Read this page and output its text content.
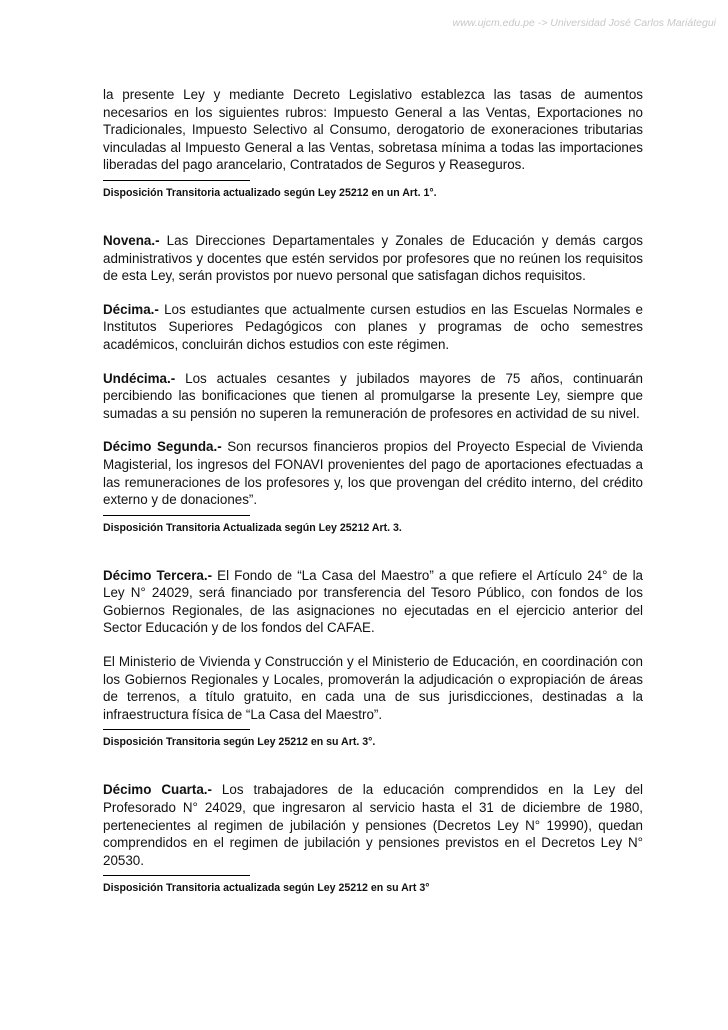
www.ujcm.edu.pe -> Universidad José Carlos Mariátegui

la presente Ley y mediante Decreto Legislativo establezca las tasas de aumentos necesarios en los siguientes rubros: Impuesto General a las Ventas, Exportaciones no Tradicionales, Impuesto Selectivo al Consumo, derogatorio de exoneraciones tributarias vinculadas al Impuesto General a las Ventas, sobretasa mínima a todas las importaciones liberadas del pago arancelario, Contratados de Seguros y Reaseguros.

Disposición Transitoria actualizado según Ley 25212 en un Art. 1°.

Novena.- Las Direcciones Departamentales y Zonales de Educación y demás cargos administrativos y docentes que estén servidos por profesores que no reúnen los requisitos de esta Ley, serán provistos por nuevo personal que satisfagan dichos requisitos.

Décima.- Los estudiantes que actualmente cursen estudios en las Escuelas Normales e Institutos Superiores Pedagógicos con planes y programas de ocho semestres académicos, concluirán dichos estudios con este régimen.

Undécima.- Los actuales cesantes y jubilados mayores de 75 años, continuarán percibiendo las bonificaciones que tienen al promulgarse la presente Ley, siempre que sumadas a su pensión no superen la remuneración de profesores en actividad de su nivel.

Décimo Segunda.- Son recursos financieros propios del Proyecto Especial de Vivienda Magisterial, los ingresos del FONAVI provenientes del pago de aportaciones efectuadas a las remuneraciones de los profesores y, los que provengan del crédito interno, del crédito externo y de donaciones”.

Disposición Transitoria Actualizada según Ley 25212 Art. 3.

Décimo Tercera.- El Fondo de “La Casa del Maestro” a que refiere el Artículo 24° de la Ley N° 24029, será financiado por transferencia del Tesoro Público, con fondos de los Gobiernos Regionales, de las asignaciones no ejecutadas en el ejercicio anterior del Sector Educación y de los fondos del CAFAE.

El Ministerio de Vivienda y Construcción y el Ministerio de Educación, en coordinación con los Gobiernos Regionales y Locales, promoverán la adjudicación o expropiación de áreas de terrenos, a título gratuito, en cada una de sus jurisdicciones, destinadas a la infraestructura física de “La Casa del Maestro”.

Disposición Transitoria según Ley 25212 en su Art. 3°.

Décimo Cuarta.- Los trabajadores de la educación comprendidos en la Ley del Profesorado N° 24029, que ingresaron al servicio hasta el 31 de diciembre de 1980, pertenecientes al regimen de jubilación y pensiones (Decretos Ley N° 19990), quedan comprendidos en el regimen de jubilación y pensiones previstos en el Decretos Ley N° 20530.

Disposición Transitoria actualizada según Ley 25212 en su Art 3°
